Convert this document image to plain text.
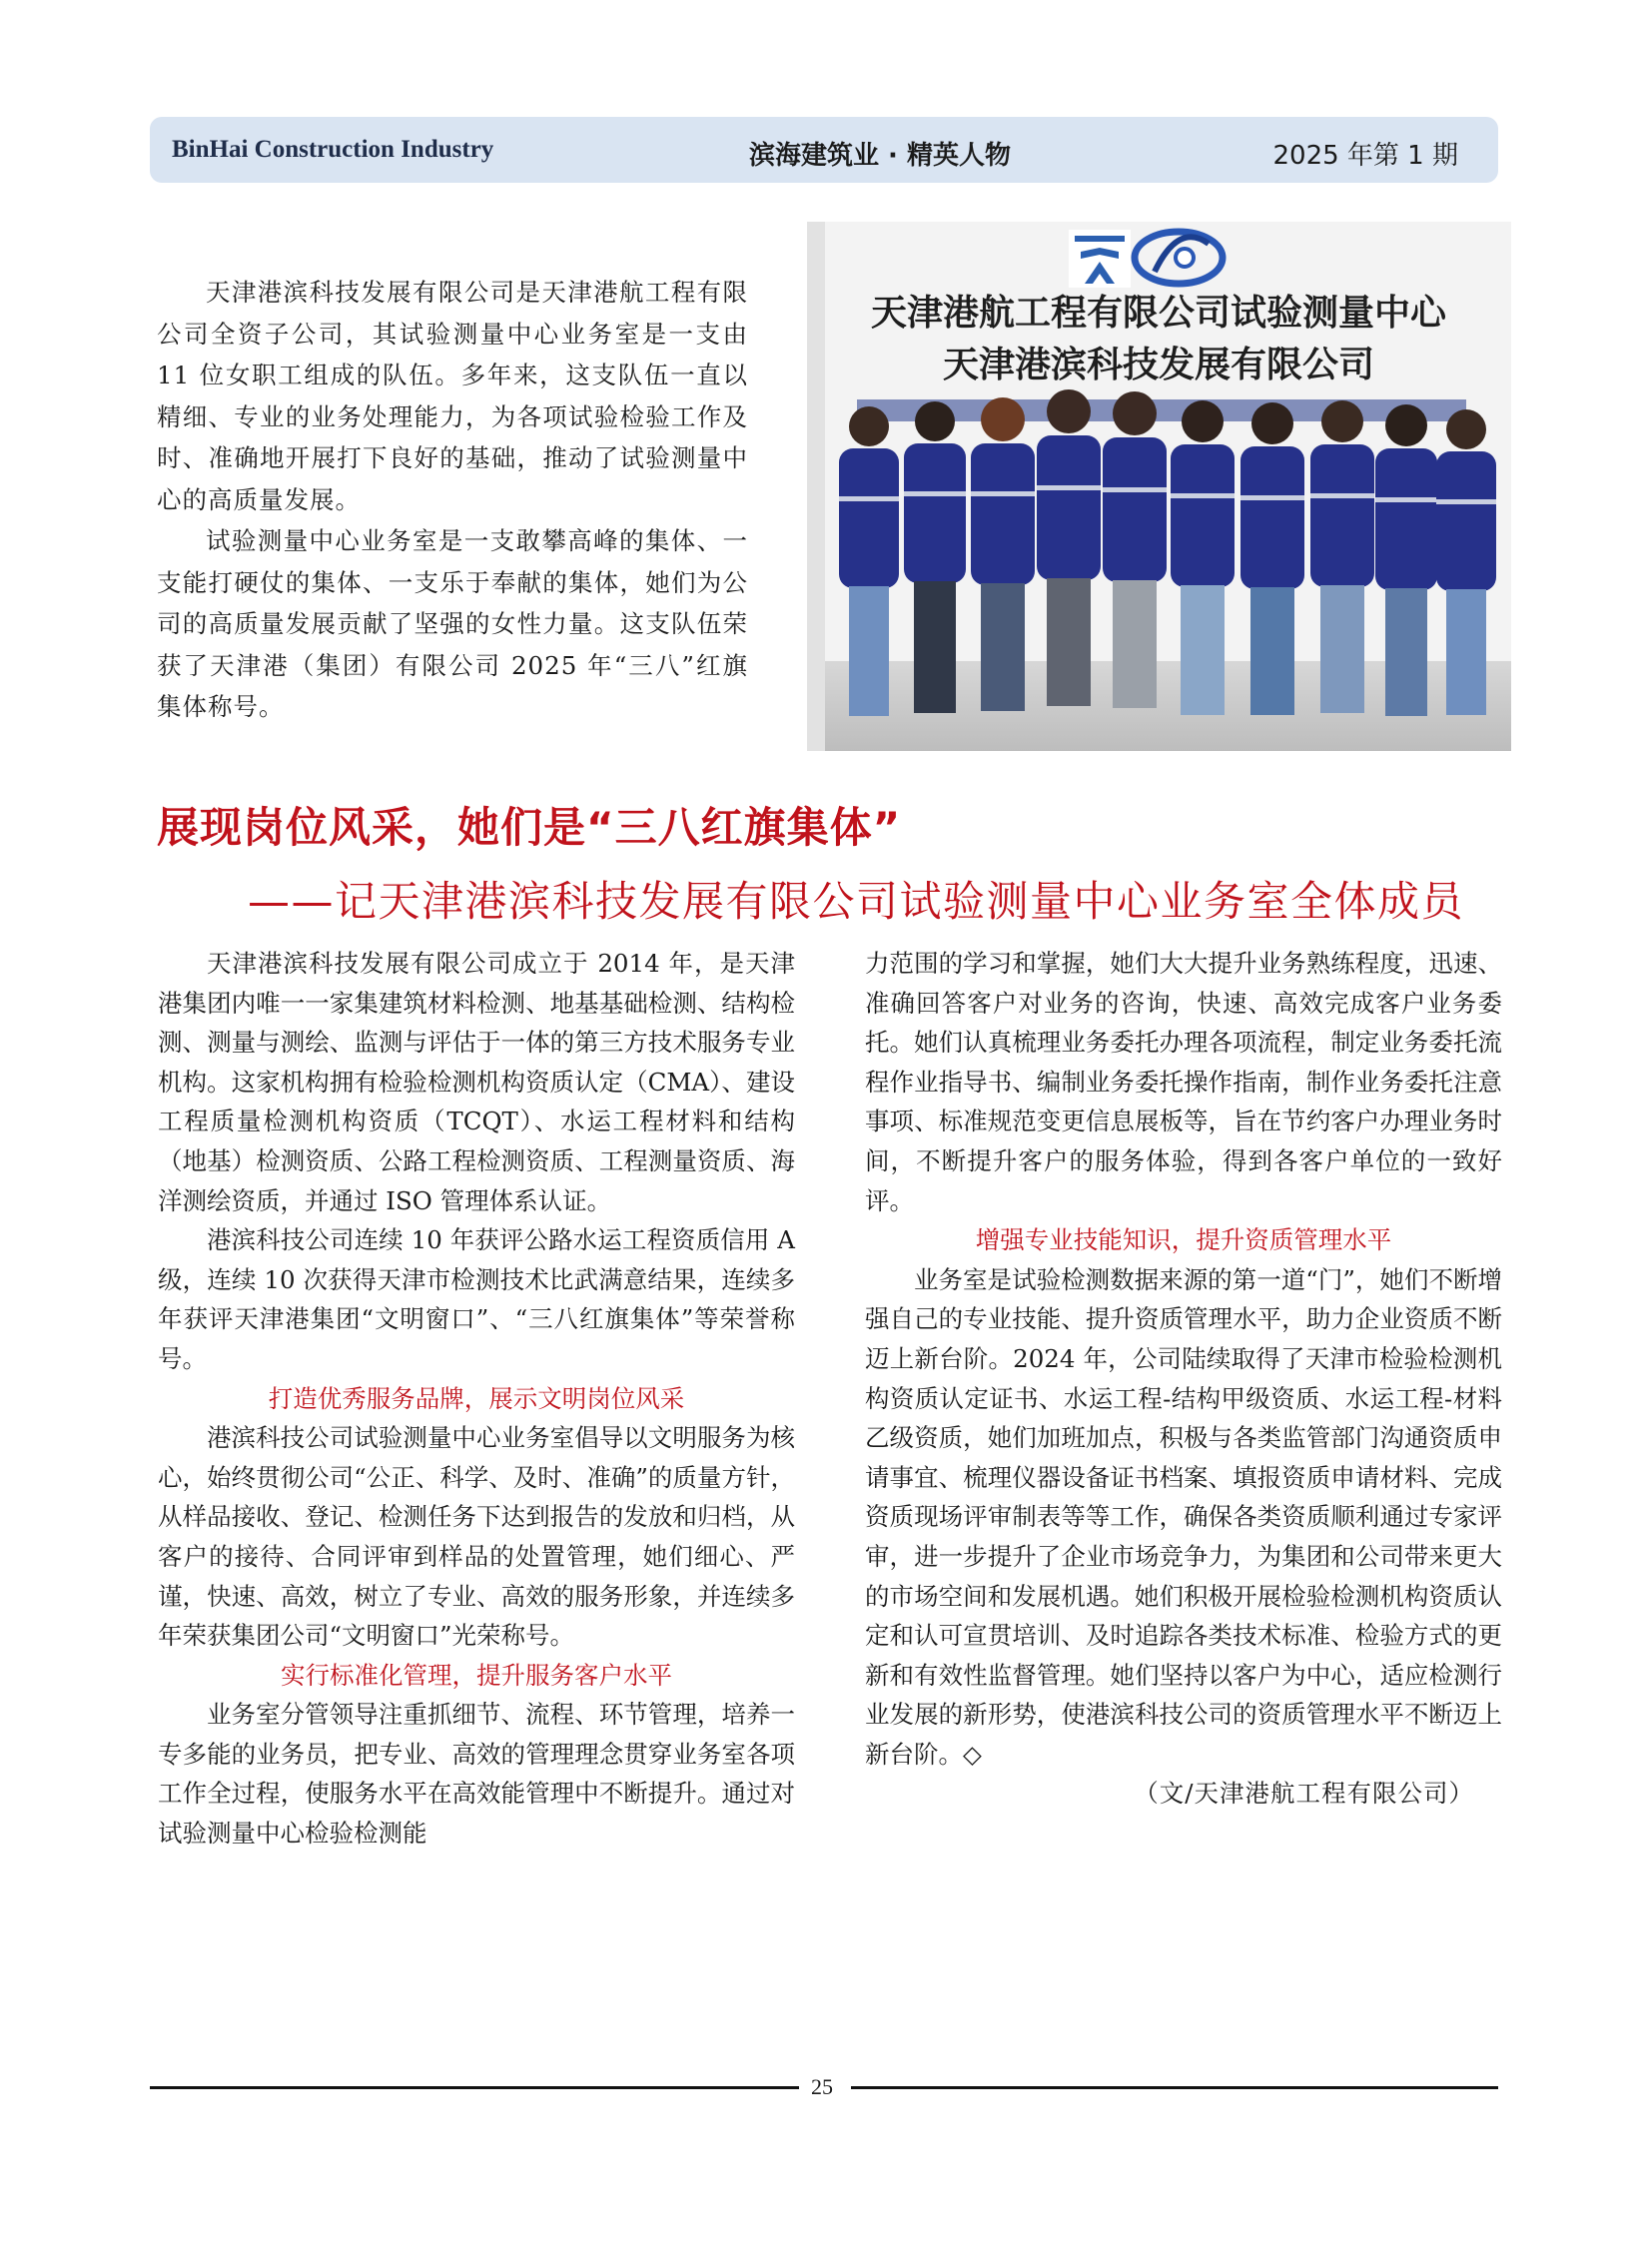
BinHai Construction Industry	滨海建筑业 · 精英人物	2025 年第 1 期

天津港滨科技发展有限公司是天津港航工程有限公司全资子公司，其试验测量中心业务室是一支由 11 位女职工组成的队伍。多年来，这支队伍一直以精细、专业的业务处理能力，为各项试验检验工作及时、准确地开展打下良好的基础，推动了试验测量中心的高质量发展。

试验测量中心业务室是一支敢攀高峰的集体、一支能打硬仗的集体、一支乐于奉献的集体，她们为公司的高质量发展贡献了坚强的女性力量。这支队伍荣获了天津港（集团）有限公司 2025 年“三八”红旗集体称号。

天津港航工程有限公司试验测量中心
天津港滨科技发展有限公司
展现岗位风采，她们是“三八红旗集体”
——记天津港滨科技发展有限公司试验测量中心业务室全体成员

天津港滨科技发展有限公司成立于 2014 年，是天津港集团内唯一一家集建筑材料检测、地基基础检测、结构检测、测量与测绘、监测与评估于一体的第三方技术服务专业机构。这家机构拥有检验检测机构资质认定（CMA）、建设工程质量检测机构资质（TCQT）、水运工程材料和结构（地基）检测资质、公路工程检测资质、工程测量资质、海洋测绘资质，并通过 ISO 管理体系认证。

港滨科技公司连续 10 年获评公路水运工程资质信用 A 级，连续 10 次获得天津市检测技术比武满意结果，连续多年获评天津港集团“文明窗口”、“三八红旗集体”等荣誉称号。

打造优秀服务品牌，展示文明岗位风采

港滨科技公司试验测量中心业务室倡导以文明服务为核心，始终贯彻公司“公正、科学、及时、准确”的质量方针，从样品接收、登记、检测任务下达到报告的发放和归档，从客户的接待、合同评审到样品的处置管理，她们细心、严谨，快速、高效，树立了专业、高效的服务形象，并连续多年荣获集团公司“文明窗口”光荣称号。

实行标准化管理，提升服务客户水平

业务室分管领导注重抓细节、流程、环节管理，培养一专多能的业务员，把专业、高效的管理理念贯穿业务室各项工作全过程，使服务水平在高效能管理中不断提升。通过对试验测量中心检验检测能

力范围的学习和掌握，她们大大提升业务熟练程度，迅速、准确回答客户对业务的咨询，快速、高效完成客户业务委托。她们认真梳理业务委托办理各项流程，制定业务委托流程作业指导书、编制业务委托操作指南，制作业务委托注意事项、标准规范变更信息展板等，旨在节约客户办理业务时间，不断提升客户的服务体验，得到各客户单位的一致好评。

增强专业技能知识，提升资质管理水平

业务室是试验检测数据来源的第一道“门”，她们不断增强自己的专业技能、提升资质管理水平，助力企业资质不断迈上新台阶。2024 年，公司陆续取得了天津市检验检测机构资质认定证书、水运工程-结构甲级资质、水运工程-材料乙级资质，她们加班加点，积极与各类监管部门沟通资质申请事宜、梳理仪器设备证书档案、填报资质申请材料、完成资质现场评审制表等等工作，确保各类资质顺利通过专家评审，进一步提升了企业市场竞争力，为集团和公司带来更大的市场空间和发展机遇。她们积极开展检验检测机构资质认定和认可宣贯培训、及时追踪各类技术标准、检验方式的更新和有效性监督管理。她们坚持以客户为中心，适应检测行业发展的新形势，使港滨科技公司的资质管理水平不断迈上新台阶。◇

（文/天津港航工程有限公司）
25
